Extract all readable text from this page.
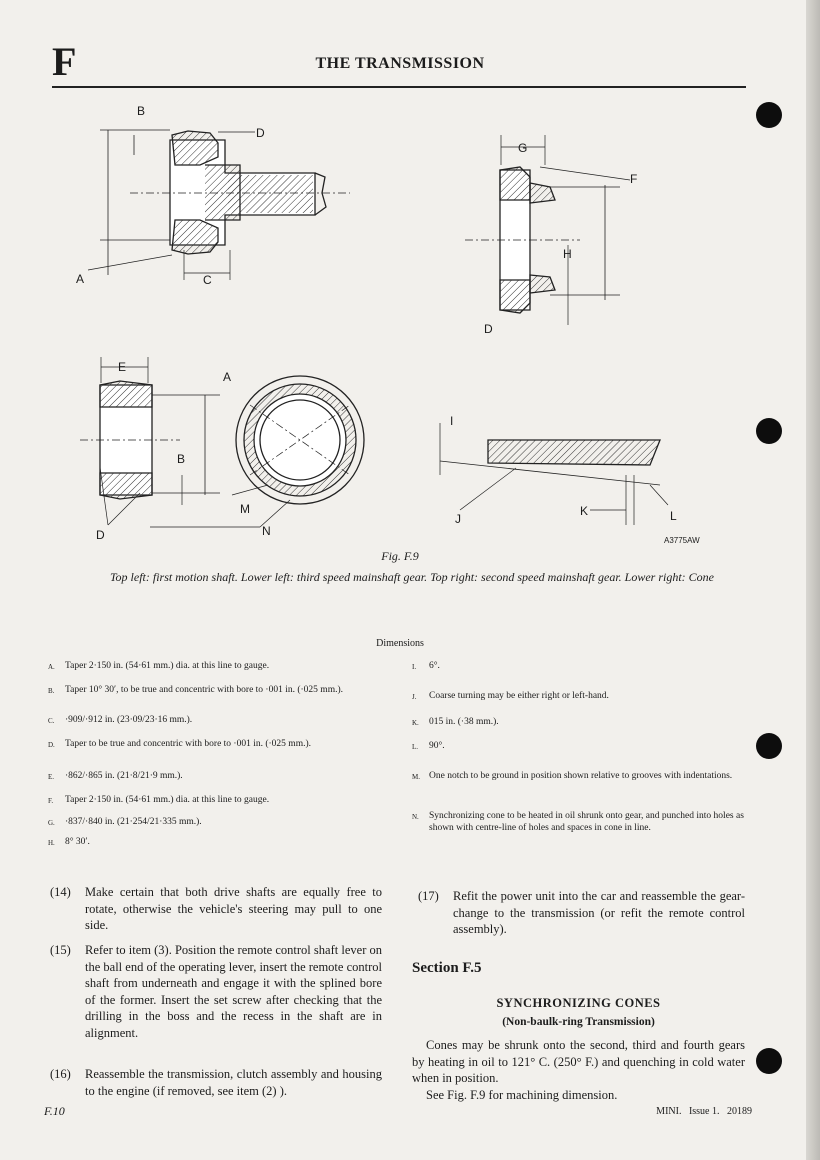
F	THE TRANSMISSION
B
D
A	C
G
F
H
D
E
A
B
D
M
N
I
J
K	L
A3775AW
Fig. F.9
Top left: first motion shaft. Lower left: third speed mainshaft gear. Top right: second speed mainshaft gear. Lower right: Cone
Dimensions
A. Taper 2·150 in. (54·61 mm.) dia. at this line to gauge.
B. Taper 10° 30′, to be true and concentric with bore to ·001 in. (·025 mm.).
C. ·909/·912 in. (23·09/23·16 mm.).
D. Taper to be true and concentric with bore to ·001 in. (·025 mm.).
E. ·862/·865 in. (21·8/21·9 mm.).
F. Taper 2·150 in. (54·61 mm.) dia. at this line to gauge.
G. ·837/·840 in. (21·254/21·335 mm.).
H. 8° 30′.
I. 6°.
J. Coarse turning may be either right or left-hand.
K. 015 in. (·38 mm.).
L. 90°.
M. One notch to be ground in position shown relative to grooves with indentations.
N. Synchronizing cone to be heated in oil shrunk onto gear, and punched into holes as shown with centre-line of holes and spaces in cone in line.
(14) Make certain that both drive shafts are equally free to rotate, otherwise the vehicle's steering may pull to one side.
(15) Refer to item (3). Position the remote control shaft lever on the ball end of the operating lever, insert the remote control shaft from underneath and engage it with the splined bore of the former. Insert the set screw after checking that the drilling in the boss and the recess in the shaft are in alignment.
(16) Reassemble the transmission, clutch assembly and housing to the engine (if removed, see item (2) ).
(17) Refit the power unit into the car and reassemble the gear-change to the transmission (or refit the remote control assembly).
Section F.5
SYNCHRONIZING CONES
(Non-baulk-ring Transmission)
Cones may be shrunk onto the second, third and fourth gears by heating in oil to 121° C. (250° F.) and quenching in cold water when in position.
See Fig. F.9 for machining dimension.
F.10	MINI.   Issue 1.   20189
